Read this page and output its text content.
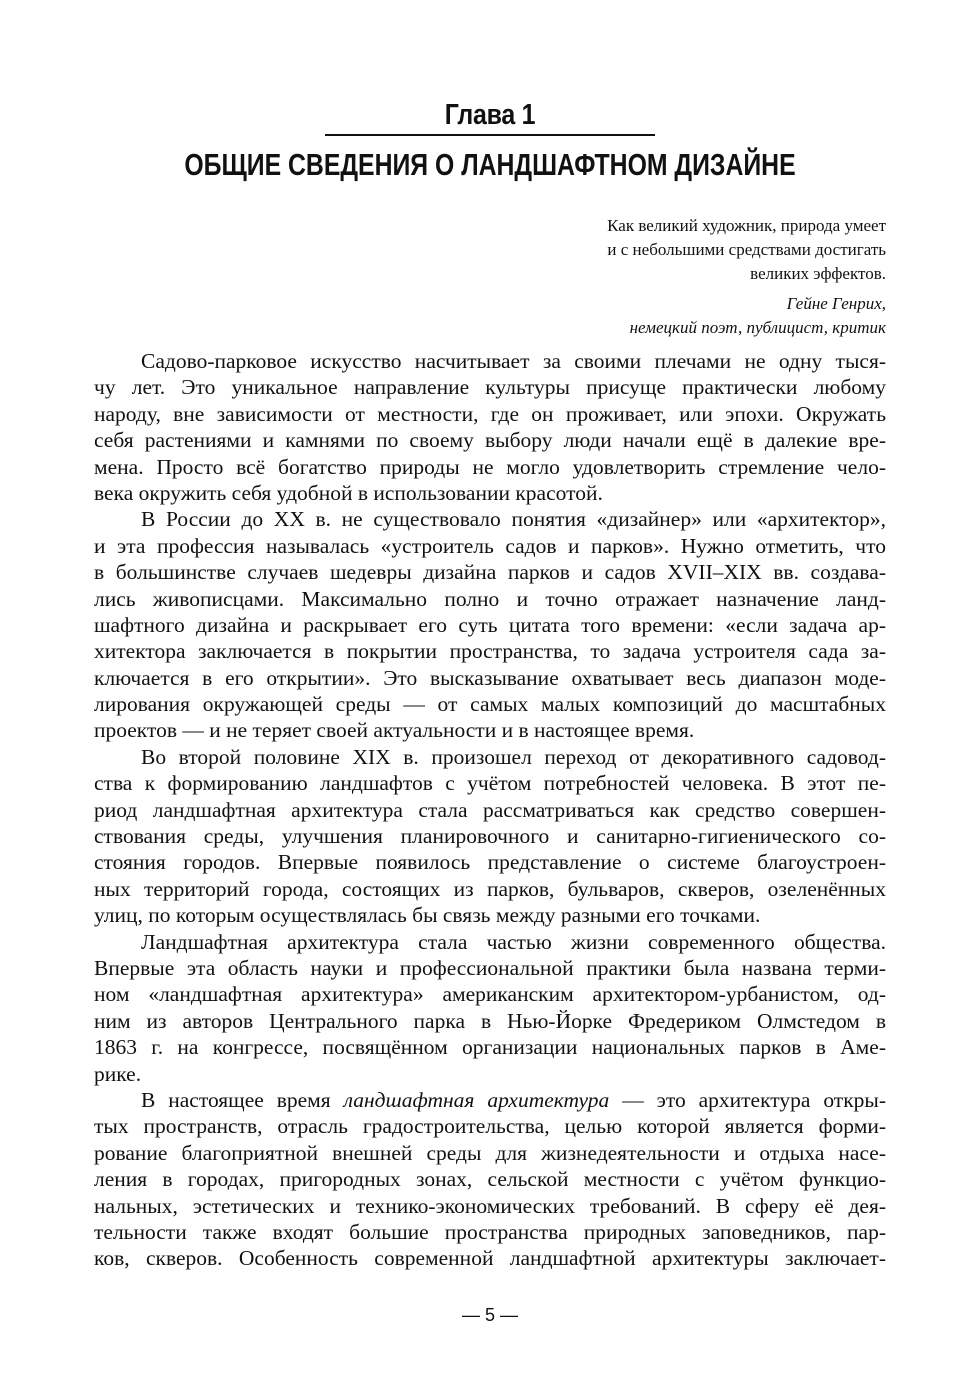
Глава 1
ОБЩИЕ СВЕДЕНИЯ О ЛАНДШАФТНОМ ДИЗАЙНЕ
Как великий художник, природа умеет
и с небольшими средствами достигать
великих эффектов.
Гейне Генрих,
немецкий поэт, публицист, критик
Садово-парковое искусство насчитывает за своими плечами не одну тыся-
чу лет. Это уникальное направление культуры присуще практически любому
народу, вне зависимости от местности, где он проживает, или эпохи. Окружать
себя растениями и камнями по своему выбору люди начали ещё в далекие вре-
мена. Просто всё богатство природы не могло удовлетворить стремление чело-
века окружить себя удобной в использовании красотой.
В России до XX в. не существовало понятия «дизайнер» или «архитектор»,
и эта профессия называлась «устроитель садов и парков». Нужно отметить, что
в большинстве случаев шедевры дизайна парков и садов XVII–XIX вв. создава-
лись живописцами. Максимально полно и точно отражает назначение ланд-
шафтного дизайна и раскрывает его суть цитата того времени: «если задача ар-
хитектора заключается в покрытии пространства, то задача устроителя сада за-
ключается в его открытии». Это высказывание охватывает весь диапазон моде-
лирования окружающей среды — от самых малых композиций до масштабных
проектов — и не теряет своей актуальности и в настоящее время.
Во второй половине XIX в. произошел переход от декоративного садовод-
ства к формированию ландшафтов с учётом потребностей человека. В этот пе-
риод ландшафтная архитектура стала рассматриваться как средство совершен-
ствования среды, улучшения планировочного и санитарно-гигиенического со-
стояния городов. Впервые появилось представление о системе благоустроен-
ных территорий города, состоящих из парков, бульваров, скверов, озеленённых
улиц, по которым осуществлялась бы связь между разными его точками.
Ландшафтная архитектура стала частью жизни современного общества.
Впервые эта область науки и профессиональной практики была названа терми-
ном «ландшафтная архитектура» американским архитектором-урбанистом, од-
ним из авторов Центрального парка в Нью-Йорке Фредериком Олмстедом в
1863 г. на конгрессе, посвящённом организации национальных парков в Аме-
рике.
В настоящее время ландшафтная архитектура — это архитектура откры-
тых пространств, отрасль градостроительства, целью которой является форми-
рование благоприятной внешней среды для жизнедеятельности и отдыха насе-
ления в городах, пригородных зонах, сельской местности с учётом функцио-
нальных, эстетических и технико-экономических требований. В сферу её дея-
тельности также входят большие пространства природных заповедников, пар-
ков, скверов. Особенность современной ландшафтной архитектуры заключает-
— 5 —
